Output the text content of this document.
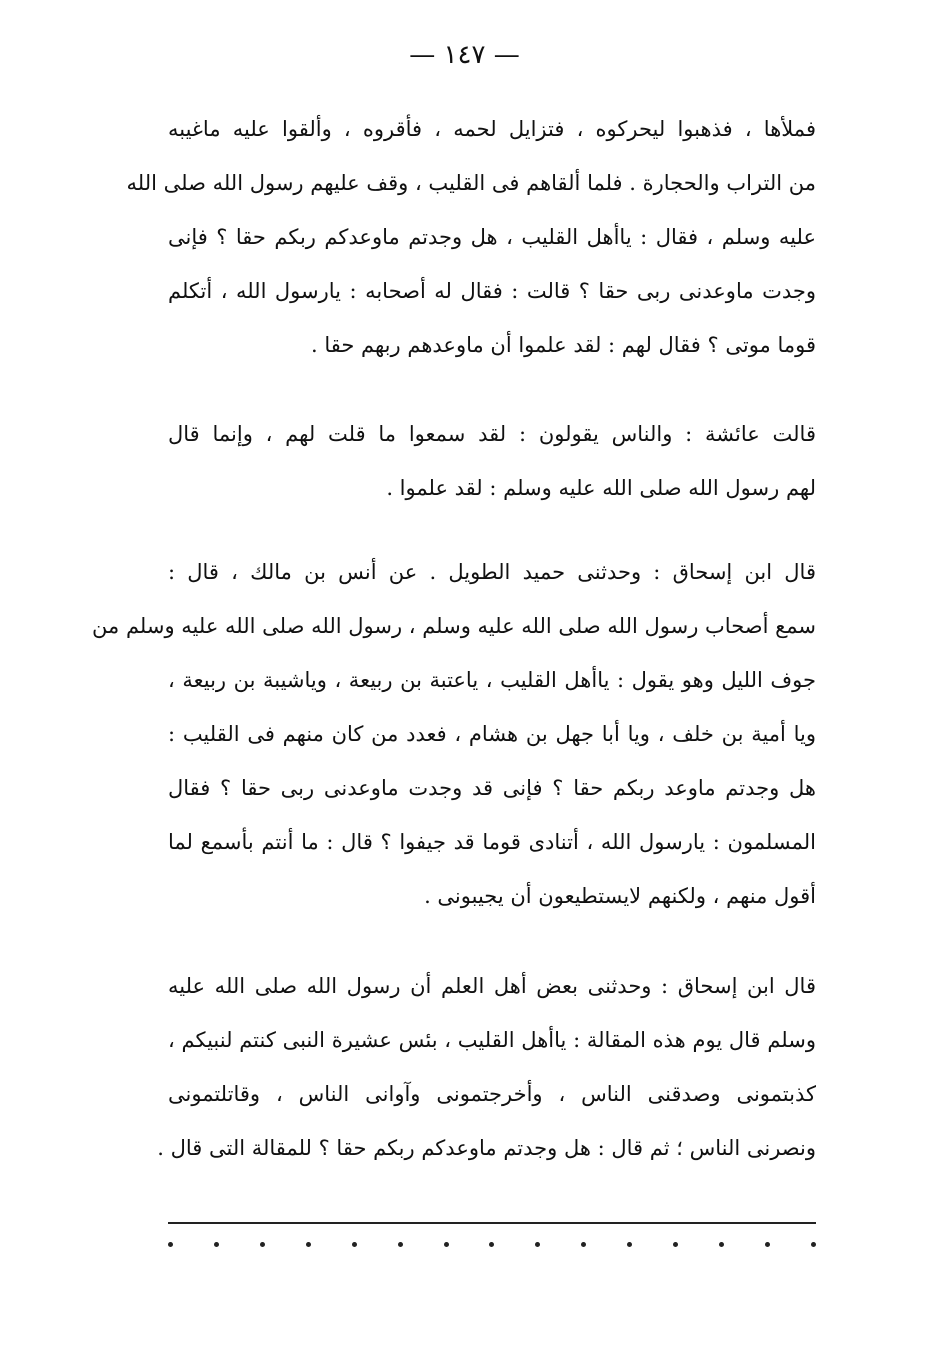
— ١٤٧ —
فملأها ، فذهبوا ليحركوه ، فتزايل لحمه ، فأقروه ، وألقوا عليه ماغيبه
من التراب والحجارة . فلما ألقاهم فى القليب ، وقف عليهم رسول الله صلى الله
عليه وسلم ، فقال : ياأهل القليب ، هل وجدتم ماوعدكم ربكم حقا ؟ فإنى
وجدت ماوعدنى ربى حقا ؟ قالت : فقال له أصحابه : يارسول الله ، أتكلم
قوما موتى ؟ فقال لهم : لقد علموا أن ماوعدهم ربهم حقا .
قالت عائشة : والناس يقولون : لقد سمعوا ما قلت لهم ، وإنما قال
لهم رسول الله صلى الله عليه وسلم : لقد علموا .
قال ابن إسحاق : وحدثنى حميد الطويل . عن أنس بن مالك ، قال :
سمع أصحاب رسول الله صلى الله عليه وسلم ، رسول الله صلى الله عليه وسلم من
جوف الليل وهو يقول : ياأهل القليب ، ياعتبة بن ربيعة ، وياشيبة بن ربيعة ،
ويا أمية بن خلف ، ويا أبا جهل بن هشام ، فعدد من كان منهم فى القليب :
هل وجدتم ماوعد ربكم حقا ؟ فإنى قد وجدت ماوعدنى ربى حقا ؟ فقال
المسلمون : يارسول الله ، أتنادى قوما قد جيفوا ؟ قال : ما أنتم بأسمع لما
أقول منهم ، ولكنهم لايستطيعون أن يجيبونى .
قال ابن إسحاق : وحدثنى بعض أهل العلم أن رسول الله صلى الله عليه
وسلم قال يوم هذه المقالة : ياأهل القليب ، بئس عشيرة النبى كنتم لنبيكم ،
كذبتمونى وصدقنى الناس ، وأخرجتمونى وآوانى الناس ، وقاتلتمونى
ونصرنى الناس ؛ ثم قال : هل وجدتم ماوعدكم ربكم حقا ؟ للمقالة التى قال .
